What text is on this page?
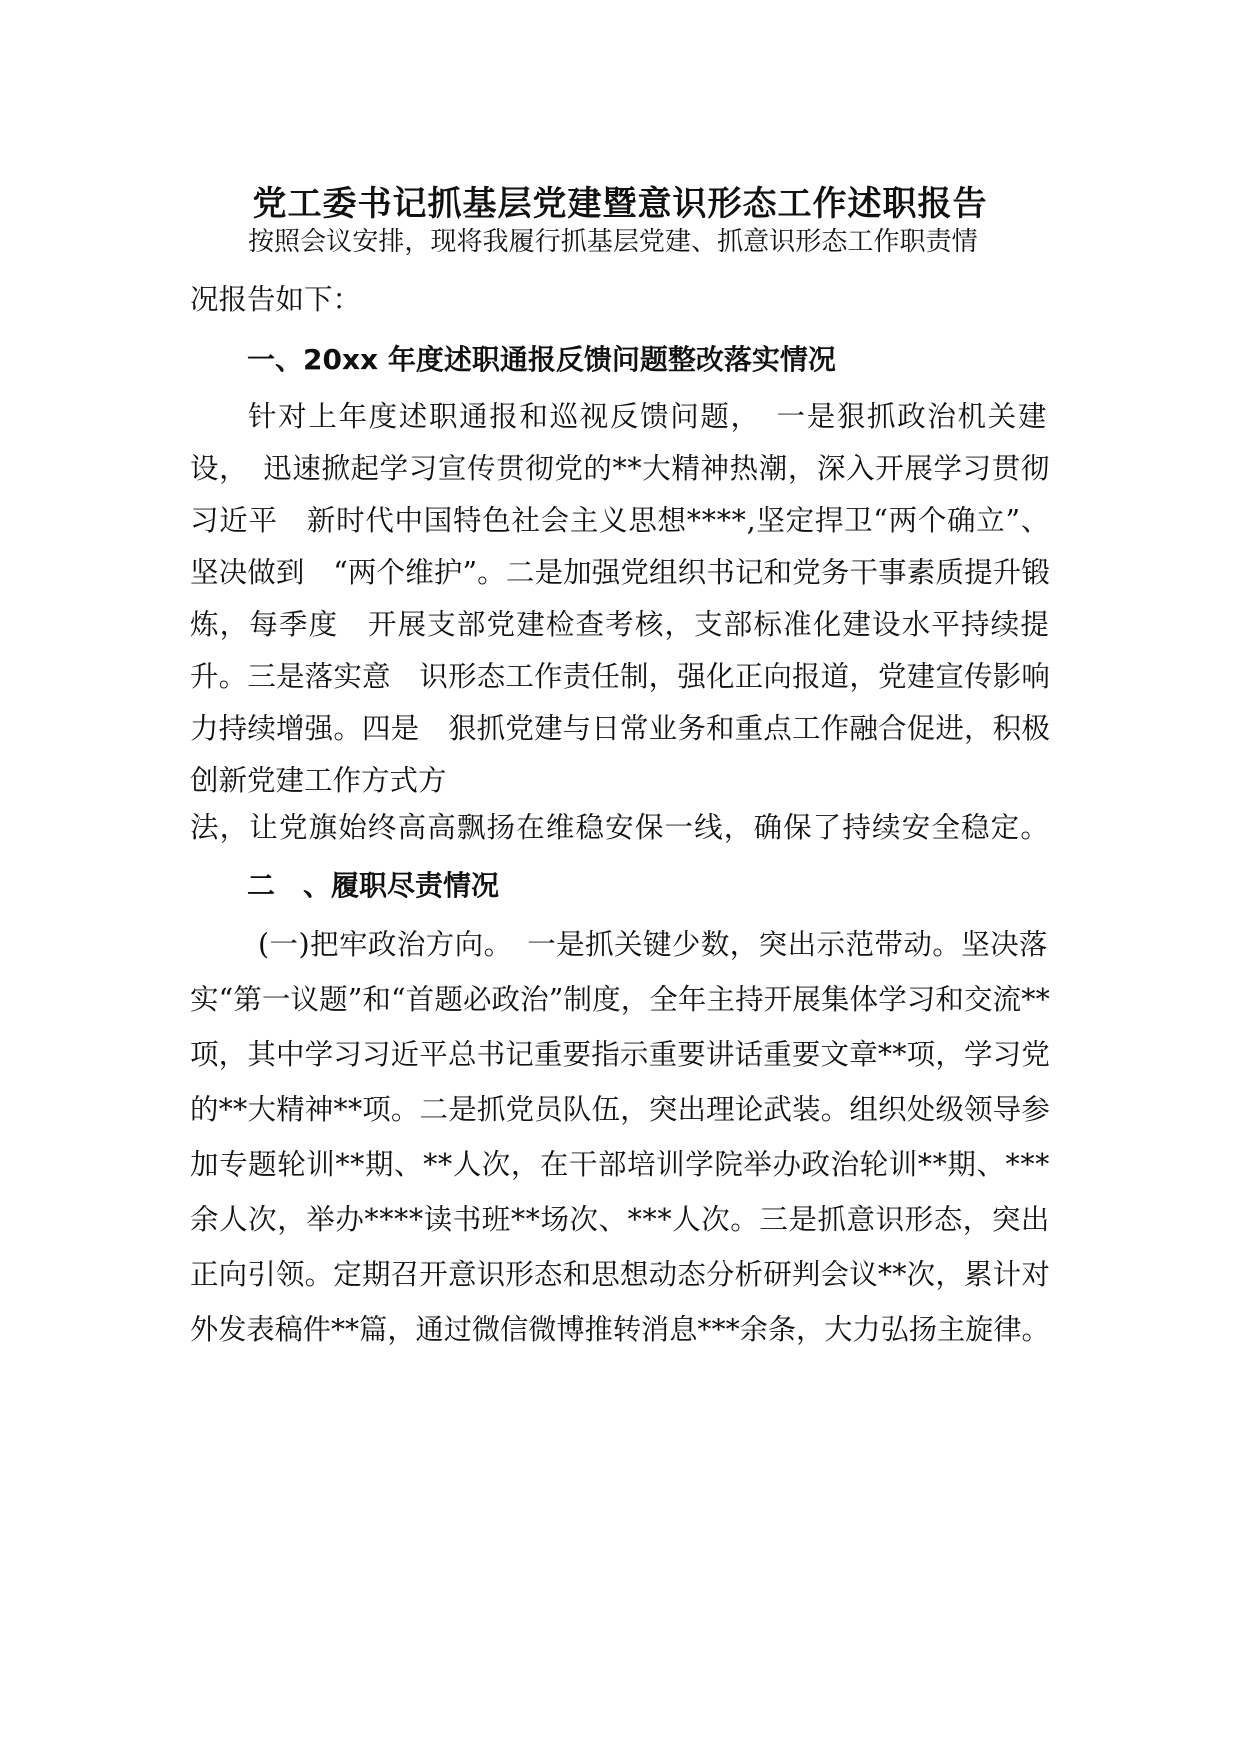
党工委书记抓基层党建暨意识形态工作述职报告
按照会议安排，现将我履行抓基层党建、抓意识形态工作职责情
况报告如下：
一、20xx 年度述职通报反馈问题整改落实情况
针对上年度述职通报和巡视反馈问题，　一是狠抓政治机关建
设，　迅速掀起学习宣传贯彻党的**大精神热潮，深入开展学习贯彻
习近平　新时代中国特色社会主义思想****,坚定捍卫“两个确立”、
坚决做到　“两个维护”。二是加强党组织书记和党务干事素质提升锻
炼，每季度　开展支部党建检查考核，支部标准化建设水平持续提
升。三是落实意　识形态工作责任制，强化正向报道，党建宣传影响
力持续增强。四是　狠抓党建与日常业务和重点工作融合促进，积极
创新党建工作方式方
法，让党旗始终高高飘扬在维稳安保一线，确保了持续安全稳定。
二　、履职尽责情况
(一)把牢政治方向。　一是抓关键少数，突出示范带动。坚决落
实“第一议题”和“首题必政治”制度，全年主持开展集体学习和交流**
项，其中学习习近平总书记重要指示重要讲话重要文章**项，学习党
的**大精神**项。二是抓党员队伍，突出理论武装。组织处级领导参
加专题轮训**期、**人次，在干部培训学院举办政治轮训**期、***
余人次，举办****读书班**场次、***人次。三是抓意识形态，突出
正向引领。定期召开意识形态和思想动态分析研判会议**次，累计对
外发表稿件**篇，通过微信微博推转消息***余条，大力弘扬主旋律。
